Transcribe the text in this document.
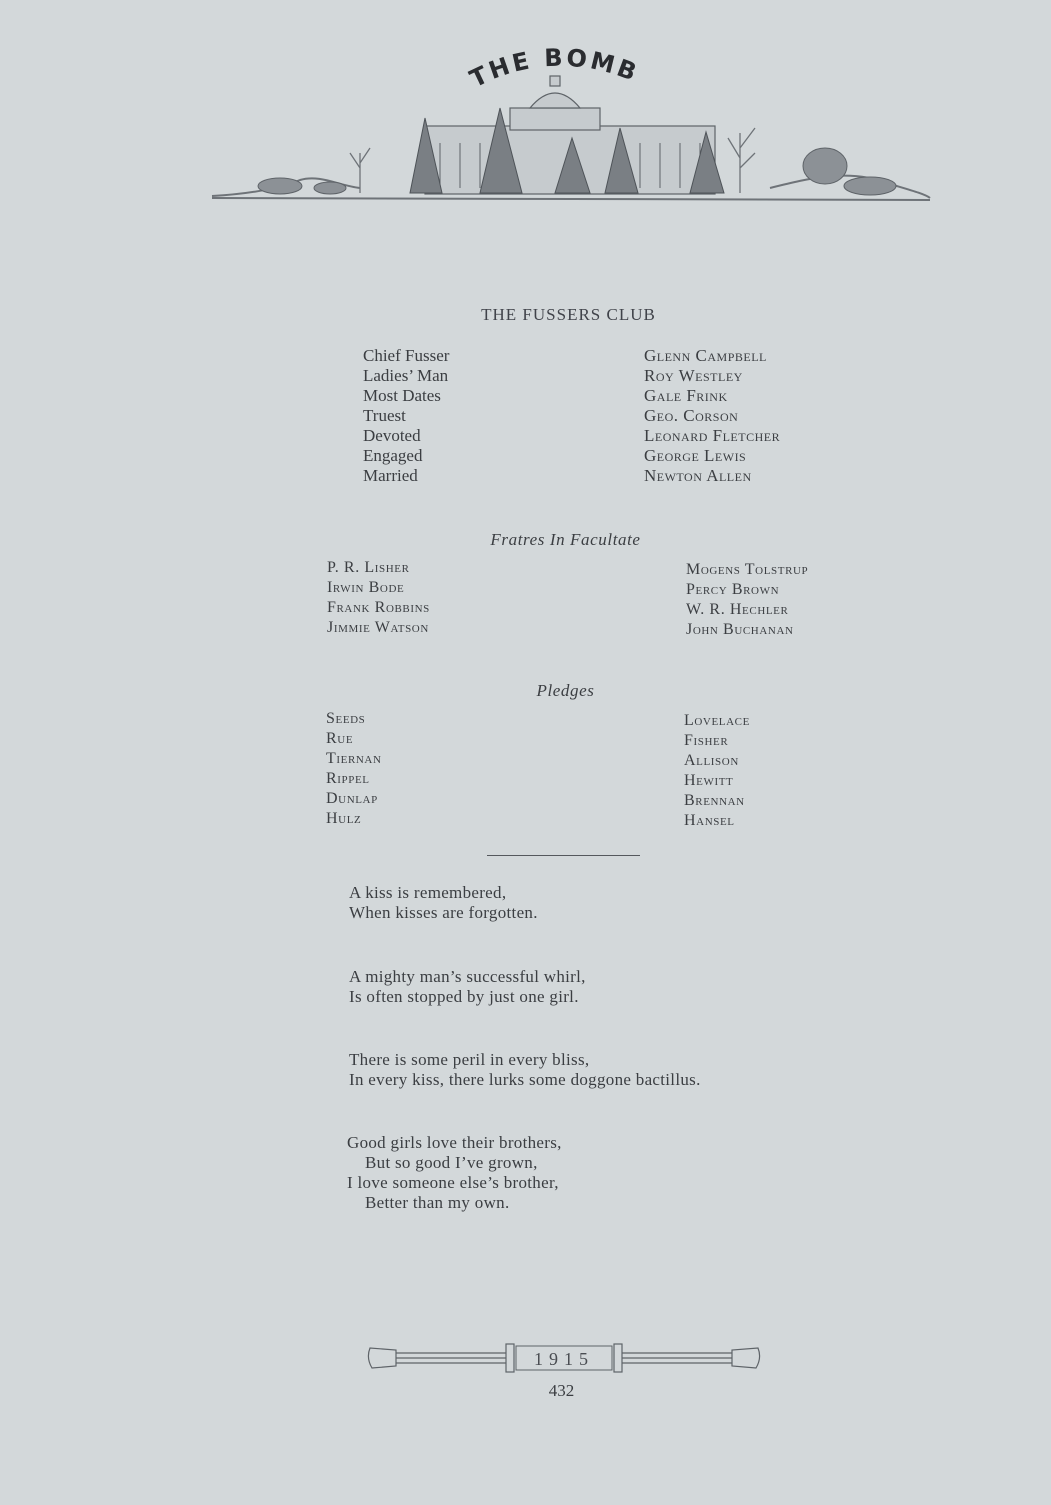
THE BOMB
THE FUSSERS CLUB
Chief Fusser	Glenn Campbell
Ladies’ Man	Roy Westley
Most Dates	Gale Frink
Truest	Geo. Corson
Devoted	Leonard Fletcher
Engaged	George Lewis
Married	Newton Allen
Fratres In Facultate
P. R. Lisher
Irwin Bode
Frank Robbins
Jimmie Watson
Mogens Tolstrup
Percy Brown
W. R. Hechler
John Buchanan
Pledges
Seeds
Rue
Tiernan
Rippel
Dunlap
Hulz
Lovelace
Fisher
Allison
Hewitt
Brennan
Hansel
A kiss is remembered,
When kisses are forgotten.
A mighty man’s successful whirl,
Is often stopped by just one girl.
There is some peril in every bliss,
In every kiss, there lurks some doggone bactillus.
Good girls love their brothers,
But so good I’ve grown,
I love someone else’s brother,
Better than my own.
1915
432
